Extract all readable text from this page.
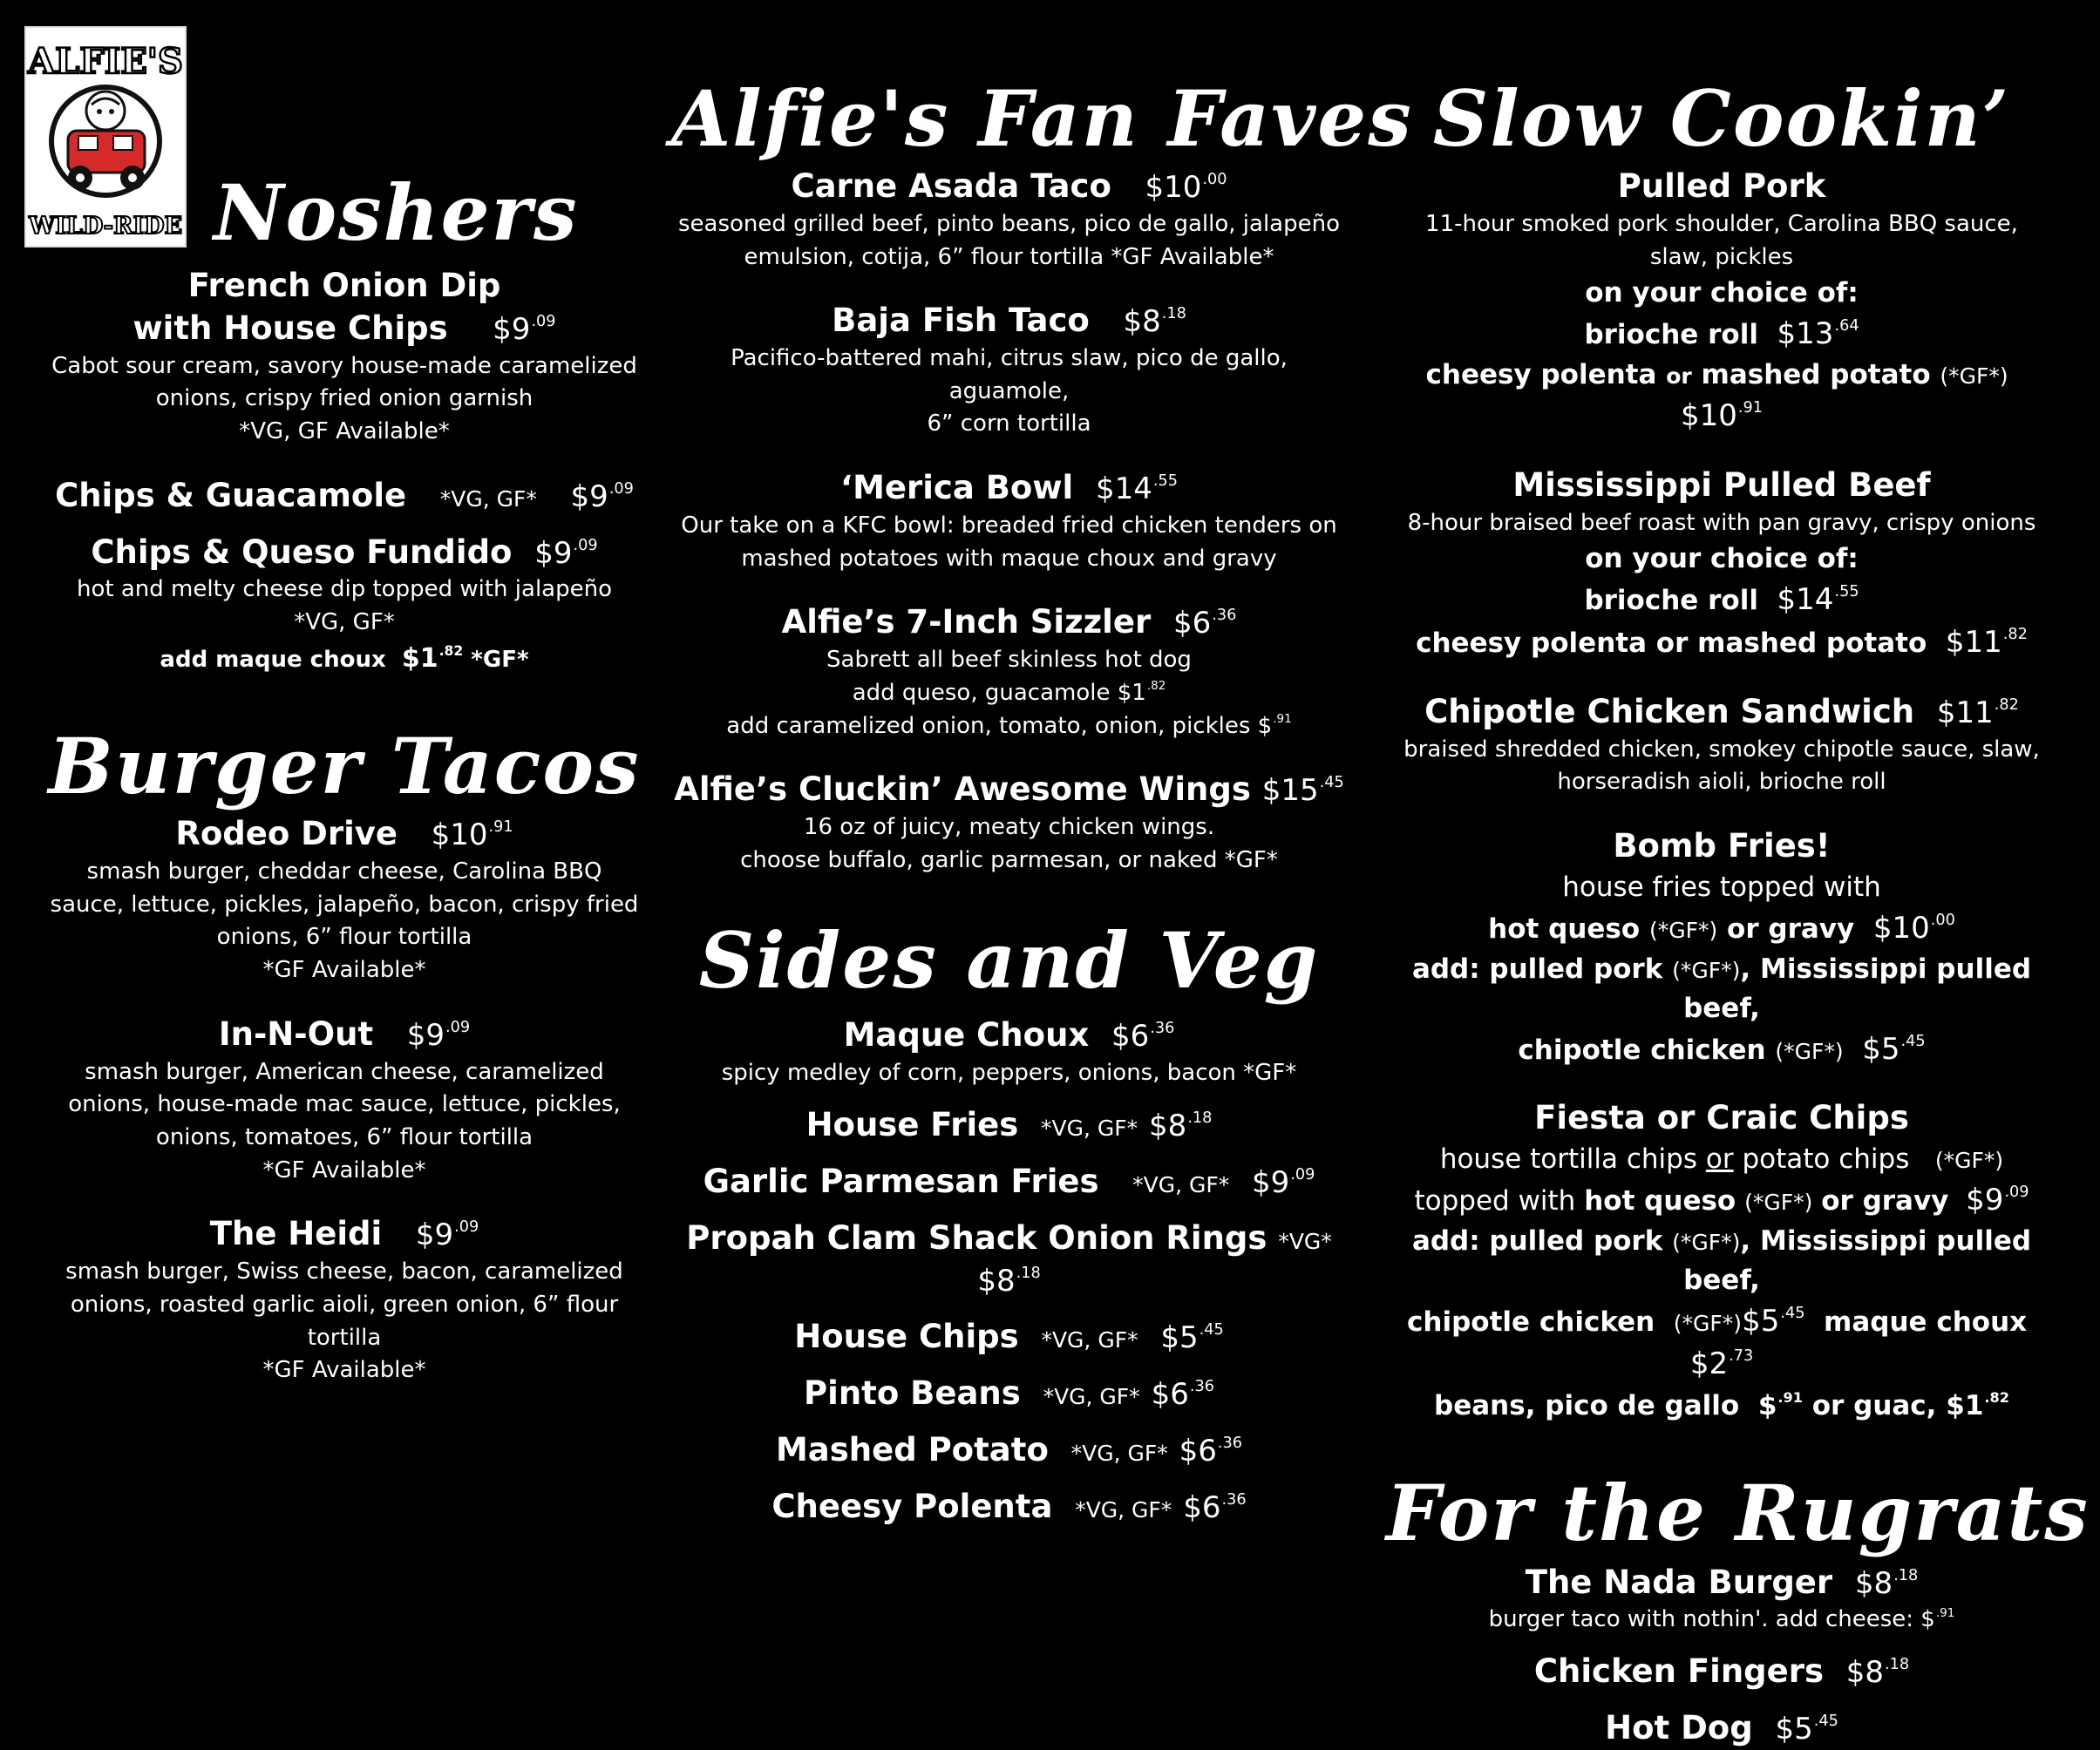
ALFIE'S
WILD-RIDE Noshers
French Onion Dip
with House Chips $\$9^{.09}$
Cabot sour cream, savory house-made caramelized
onions, crispy fried onion garnish
*VG, GF Available*
Chips & Guacamole *VG, GF* $\$9^{.09}$
Chips & Queso Fundido $\$9^{.09}$
hot and melty cheese dip topped with jalapeño
*VG, GF*
add maque choux $\$1^{.82}$ *GF*
Burger Tacos
Rodeo Drive $\$10^{.91}$
smash burger, cheddar cheese, Carolina BBQ
sauce, lettuce, pickles, jalapeño, bacon, crispy fried
onions, 6” flour tortilla
*GF Available*
In-N-Out $\$9^{.09}$
smash burger, American cheese, caramelized
onions, house-made mac sauce, lettuce, pickles,
onions, tomatoes, 6” flour tortilla
*GF Available*
The Heidi $\$9^{.09}$
smash burger, Swiss cheese, bacon, caramelized
onions, roasted garlic aioli, green onion, 6” flour
tortilla
*GF Available*
Alfie's Fan Faves
Carne Asada Taco $\$10^{.00}$
seasoned grilled beef, pinto beans, pico de gallo, jalapeño
emulsion, cotija, 6” flour tortilla *GF Available*
Baja Fish Taco $\$8^{.18}$
Pacifico-battered mahi, citrus slaw, pico de gallo, aguamole,
6” corn tortilla
‘Merica Bowl $\$14^{.55}$
Our take on a KFC bowl: breaded fried chicken tenders on
mashed potatoes with maque choux and gravy
Alfie’s 7-Inch Sizzler $\$6^{.36}$
Sabrett all beef skinless hot dog
add queso, guacamole $\$1^{.82}$
add caramelized onion, tomato, onion, pickles \$$^{.91}$
Alfie’s Cluckin’ Awesome Wings $\$15^{.45}$
16 oz of juicy, meaty chicken wings.
choose buffalo, garlic parmesan, or naked *GF*
Sides and Veg
Maque Choux $\$6^{.36}$
spicy medley of corn, peppers, onions, bacon *GF*
House Fries *VG, GF* $\$8^{.18}$
Garlic Parmesan Fries *VG, GF* $\$9^{.09}$
Propah Clam Shack Onion Rings *VG* $\$8^{.18}$
House Chips *VG, GF* $\$5^{.45}$
Pinto Beans *VG, GF* $\$6^{.36}$
Mashed Potato *VG, GF* $\$6^{.36}$
Cheesy Polenta *VG, GF* $\$6^{.36}$
Slow Cookin’
Pulled Pork
11-hour smoked pork shoulder, Carolina BBQ sauce,
slaw, pickles
on your choice of:
brioche roll $\$13^{.64}$
cheesy polenta or mashed potato (*GF*)  $\$10^{.91}$
Mississippi Pulled Beef
8-hour braised beef roast with pan gravy, crispy onions
on your choice of:
brioche roll $\$14^{.55}$
cheesy polenta or mashed potato $\$11^{.82}$
Chipotle Chicken Sandwich $\$11^{.82}$
braised shredded chicken, smokey chipotle sauce, slaw,
horseradish aioli, brioche roll
Bomb Fries!
house fries topped with
hot queso (*GF*) or gravy $\$10^{.00}$
add: pulled pork (*GF*), Mississippi pulled beef,
chipotle chicken (*GF*) $\$5^{.45}$
Fiesta or Craic Chips
house tortilla chips or potato chips (*GF*)
topped with hot queso (*GF*) or gravy $\$9^{.09}$
add: pulled pork (*GF*), Mississippi pulled beef,
chipotle chicken $(*GF*)\$5^{.45}$ maque choux  $\$2^{.73}$
beans, pico de gallo \$$^{.91}$ or guac, $\$1^{.82}$
For the Rugrats
The Nada Burger $\$8^{.18}$
burger taco with nothin'. add cheese: \$$^{.91}$
Chicken Fingers $\$8^{.18}$
Hot Dog $\$5^{.45}$
